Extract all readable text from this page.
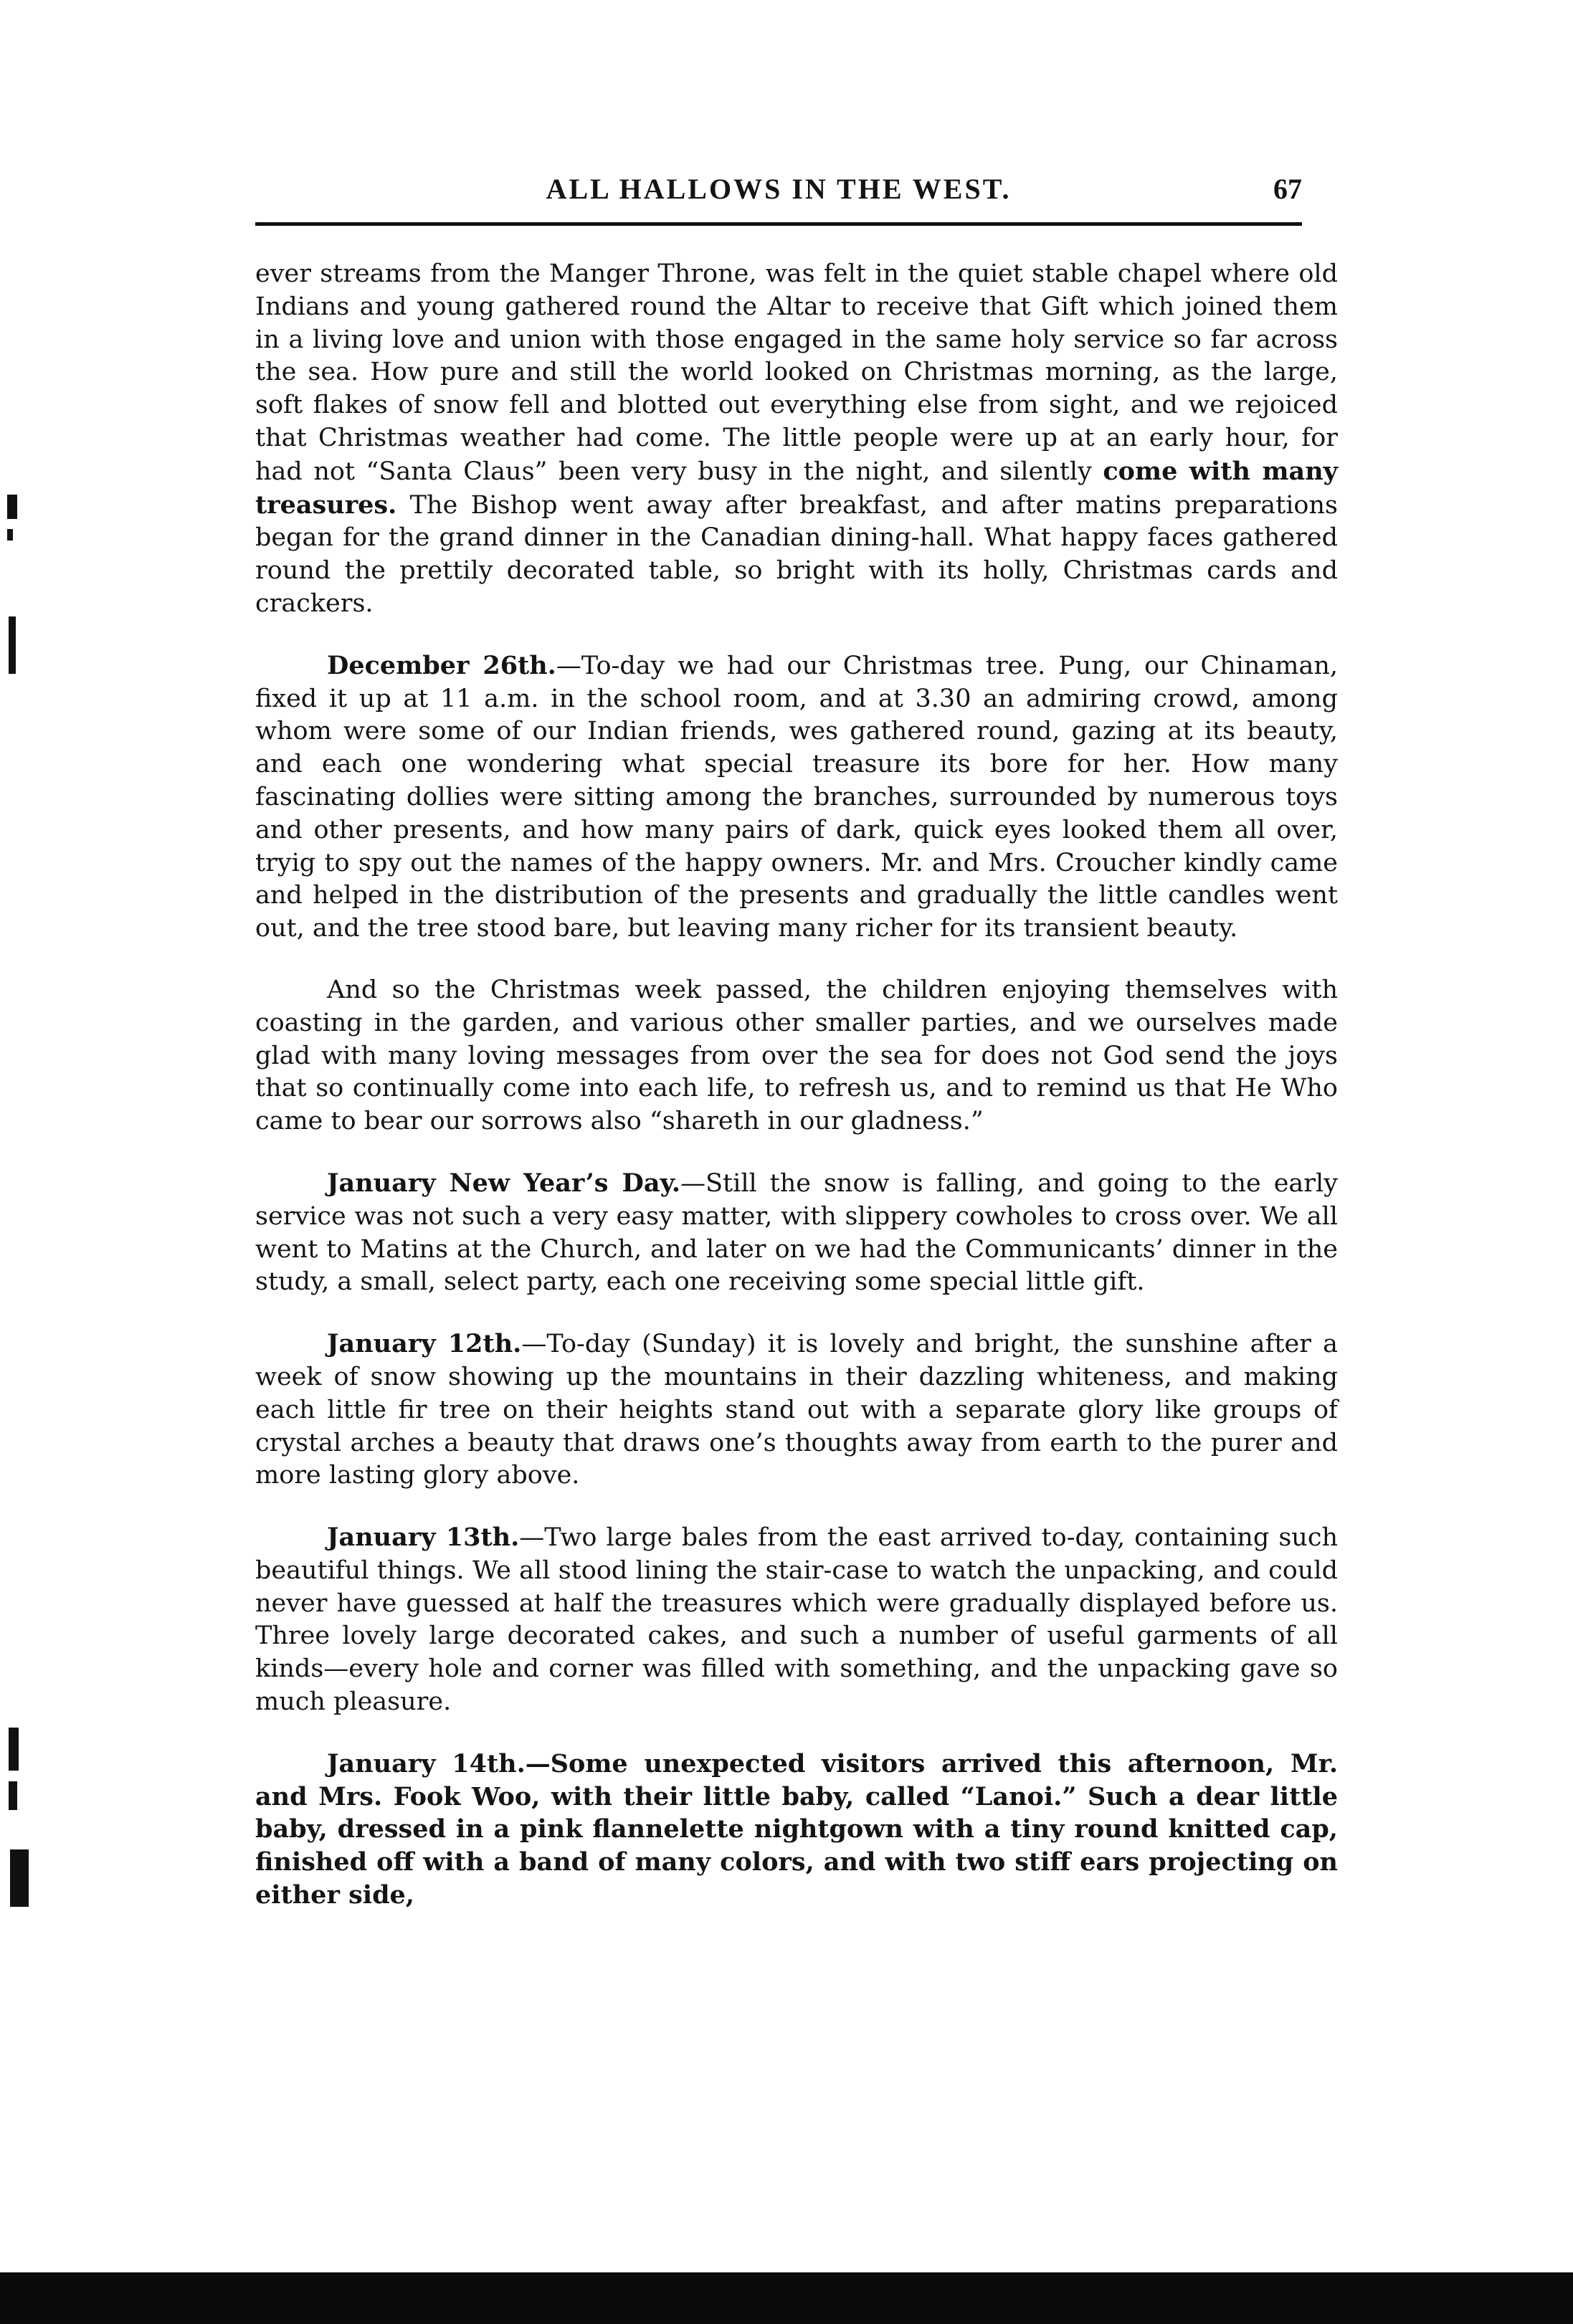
ALL HALLOWS IN THE WEST.	67

ever streams from the Manger Throne, was felt in the quiet stable chapel where old Indians and young gathered round the Altar to receive that Gift which joined them in a living love and union with those engaged in the same holy service so far across the sea. How pure and still the world looked on Christmas morning, as the large, soft flakes of snow fell and blotted out everything else from sight, and we rejoiced that Christmas weather had come. The little people were up at an early hour, for had not “Santa Claus” been very busy in the night, and silently come with many treasures. The Bishop went away after breakfast, and after matins preparations began for the grand dinner in the Canadian dining-hall. What happy faces gathered round the prettily decorated table, so bright with its holly, Christmas cards and crackers.

December 26th.—To-day we had our Christmas tree. Pung, our Chinaman, fixed it up at 11 a.m. in the school room, and at 3.30 an admiring crowd, among whom were some of our Indian friends, wes gathered round, gazing at its beauty, and each one wondering what special treasure its bore for her. How many fascinating dollies were sitting among the branches, surrounded by numerous toys and other presents, and how many pairs of dark, quick eyes looked them all over, tryig to spy out the names of the happy owners. Mr. and Mrs. Croucher kindly came and helped in the distribution of the presents and gradually the little candles went out, and the tree stood bare, but leaving many richer for its transient beauty.

And so the Christmas week passed, the children enjoying themselves with coasting in the garden, and various other smaller parties, and we ourselves made glad with many loving messages from over the sea for does not God send the joys that so continually come into each life, to refresh us, and to remind us that He Who came to bear our sorrows also “shareth in our gladness.”

January New Year’s Day.—Still the snow is falling, and going to the early service was not such a very easy matter, with slippery cowholes to cross over. We all went to Matins at the Church, and later on we had the Communicants’ dinner in the study, a small, select party, each one receiving some special little gift.

January 12th.—To-day (Sunday) it is lovely and bright, the sunshine after a week of snow showing up the mountains in their dazzling whiteness, and making each little fir tree on their heights stand out with a separate glory like groups of crystal arches a beauty that draws one’s thoughts away from earth to the purer and more lasting glory above.

January 13th.—Two large bales from the east arrived to-day, containing such beautiful things. We all stood lining the stair-case to watch the unpacking, and could never have guessed at half the treasures which were gradually displayed before us. Three lovely large decorated cakes, and such a number of useful garments of all kinds—every hole and corner was filled with something, and the unpacking gave so much pleasure.

January 14th.—Some unexpected visitors arrived this afternoon, Mr. and Mrs. Fook Woo, with their little baby, called “Lanoi.” Such a dear little baby, dressed in a pink flannelette nightgown with a tiny round knitted cap, finished off with a band of many colors, and with two stiff ears projecting on either side,
